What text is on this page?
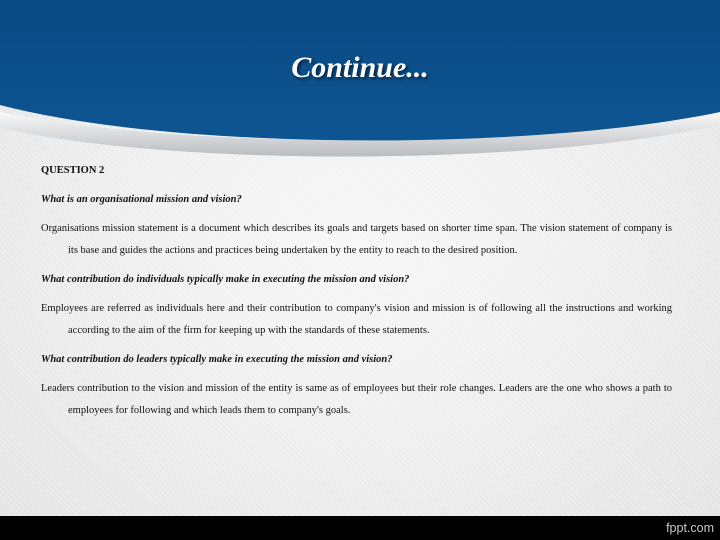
Continue...

QUESTION 2

What is an organisational mission and vision?

Organisations mission statement is a document which describes its goals and targets based on shorter time span. The vision statement of company is its base and guides the actions and practices being undertaken by the entity to reach to the desired position.

What contribution do individuals typically make in executing the mission and vision?

Employees are referred as individuals here and their contribution to company's vision and mission is of following all the instructions and working according to the aim of the firm for keeping up with the standards of these statements.

What contribution do leaders typically make in executing the mission and vision?

Leaders contribution to the vision and mission of the entity is same as of employees but their role changes. Leaders are the one who shows a path to employees for following and which leads them to company's goals.

fppt.com
